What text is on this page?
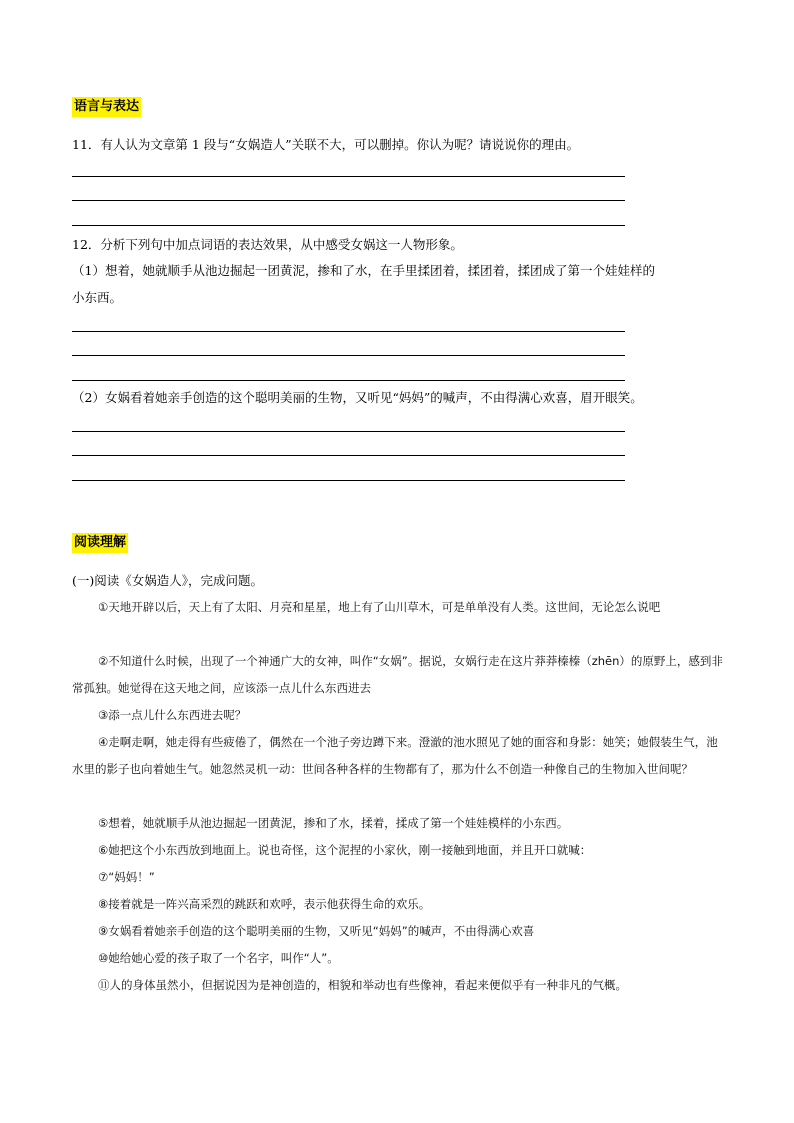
语言与表达
11．有人认为文章第 1 段与“女娲造人”关联不大，可以删掉。你认为呢？请说说你的理由。
12．分析下列句中加点词语的表达效果，从中感受女娲这一人物形象。
（1）想着，她就顺手从池边掘起一团黄泥，掺和了水，在手里揉团着，揉团着，揉团成了第一个娃娃样的
小东西。
（2）女娲看着她亲手创造的这个聪明美丽的生物，又听见“妈妈”的喊声，不由得满心欢喜，眉开眼笑。
阅读理解
(一)阅读《女娲造人》，完成问题。
①天地开辟以后，天上有了太阳、月亮和星星，地上有了山川草木，可是单单没有人类。这世间，无论怎么说吧
②不知道什么时候，出现了一个神通广大的女神，叫作“女娲”。据说，女娲行走在这片莽莽榛榛（zhēn）的原野上，感到非常孤独。她觉得在这天地之间，应该添一点儿什么东西进去
③添一点儿什么东西进去呢？
④走啊走啊，她走得有些疲倦了，偶然在一个池子旁边蹲下来。澄澈的池水照见了她的面容和身影：她笑；她假装生气，池水里的影子也向着她生气。她忽然灵机一动：世间各种各样的生物都有了，那为什么不创造一种像自己的生物加入世间呢？
⑤想着，她就顺手从池边掘起一团黄泥，掺和了水，揉着，揉成了第一个娃娃模样的小东西。
⑥她把这个小东西放到地面上。说也奇怪，这个泥捏的小家伙，刚一接触到地面，并且开口就喊：
⑦“妈妈！”
⑧接着就是一阵兴高采烈的跳跃和欢呼，表示他获得生命的欢乐。
⑨女娲看着她亲手创造的这个聪明美丽的生物，又听见“妈妈”的喊声，不由得满心欢喜
⑩她给她心爱的孩子取了一个名字，叫作“人”。
⑪人的身体虽然小，但据说因为是神创造的，相貌和举动也有些像神，看起来便似乎有一种非凡的气概。
